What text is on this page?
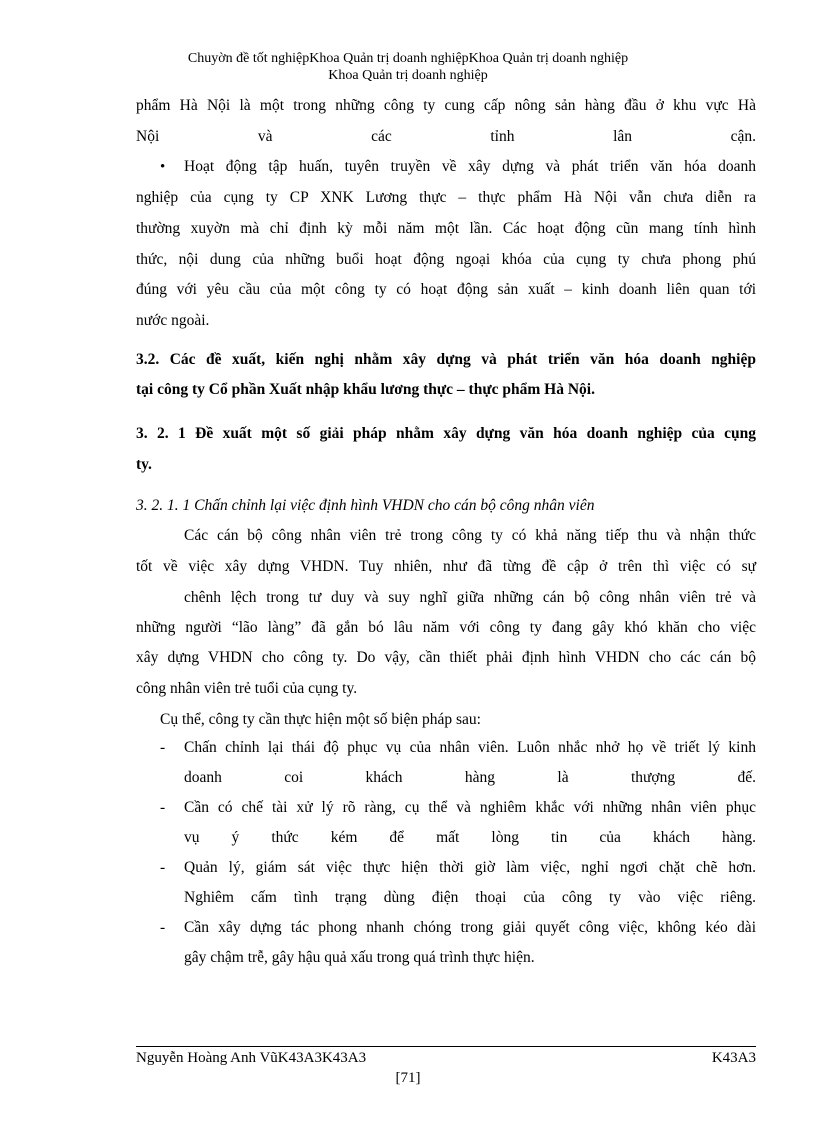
Chuyờn đề tốt nghiệpKhoa Quản trị doanh nghiệpKhoa Quản trị doanh nghiệp
Khoa Quản trị doanh nghiệp
phẩm Hà Nội là một trong những công ty cung cấp nông sản hàng đầu ở khu vực Hà
Nội và các tỉnh lân cận.
• Hoạt động tập huấn, tuyên truyền về xây dựng và phát triển văn hóa doanh
nghiệp của cụng ty CP XNK Lương thực – thực phẩm Hà Nội vẫn chưa diễn ra
thường xuyờn mà chỉ định kỳ mỗi năm một lần. Các hoạt động cũn mang tính hình
thức, nội dung của những buổi hoạt động ngoại khóa của cụng ty chưa phong phú
đúng với yêu cầu của một công ty có hoạt động sản xuất – kinh doanh liên quan tới
nước ngoài.
3.2. Các đề xuất, kiến nghị nhằm xây dựng và phát triển văn hóa doanh nghiệp
tại công ty Cổ phần Xuất nhập khẩu lương thực – thực phẩm Hà Nội.
3. 2. 1 Đề xuất một số giải pháp nhằm xây dựng văn hóa doanh nghiệp của cụng
ty.
3. 2. 1. 1 Chấn chỉnh lại việc định hình VHDN cho cán bộ công nhân viên
Các cán bộ công nhân viên trẻ trong công ty có khả năng tiếp thu và nhận thức
tốt về việc xây dựng VHDN. Tuy nhiên, như đã từng đề cập ở trên thì việc có sự
chênh lệch trong tư duy và suy nghĩ giữa những cán bộ công nhân viên trẻ và
những người “lão làng” đã gắn bó lâu năm với công ty đang gây khó khăn cho việc
xây dựng VHDN cho công ty. Do vậy, cần thiết phải định hình VHDN cho các cán bộ
công nhân viên trẻ tuổi của cụng ty.
Cụ thể, công ty cần thực hiện một số biện pháp sau:
- Chấn chỉnh lại thái độ phục vụ của nhân viên. Luôn nhắc nhở họ về triết lý kinh
doanh coi khách hàng là thượng đế.
- Cần có chế tài xử lý rõ ràng, cụ thể và nghiêm khắc với những nhân viên phục
vụ ý thức kém để mất lòng tin của khách hàng.
- Quản lý, giám sát việc thực hiện thời giờ làm việc, nghỉ ngơi chặt chẽ hơn.
Nghiêm cấm tình trạng dùng điện thoại của công ty vào việc riêng.
- Cần xây dựng tác phong nhanh chóng trong giải quyết công việc, không kéo dài
gây chậm trễ, gây hậu quả xấu trong quá trình thực hiện.
Nguyễn Hoàng Anh VũK43A3K43A3	K43A3
[71]
